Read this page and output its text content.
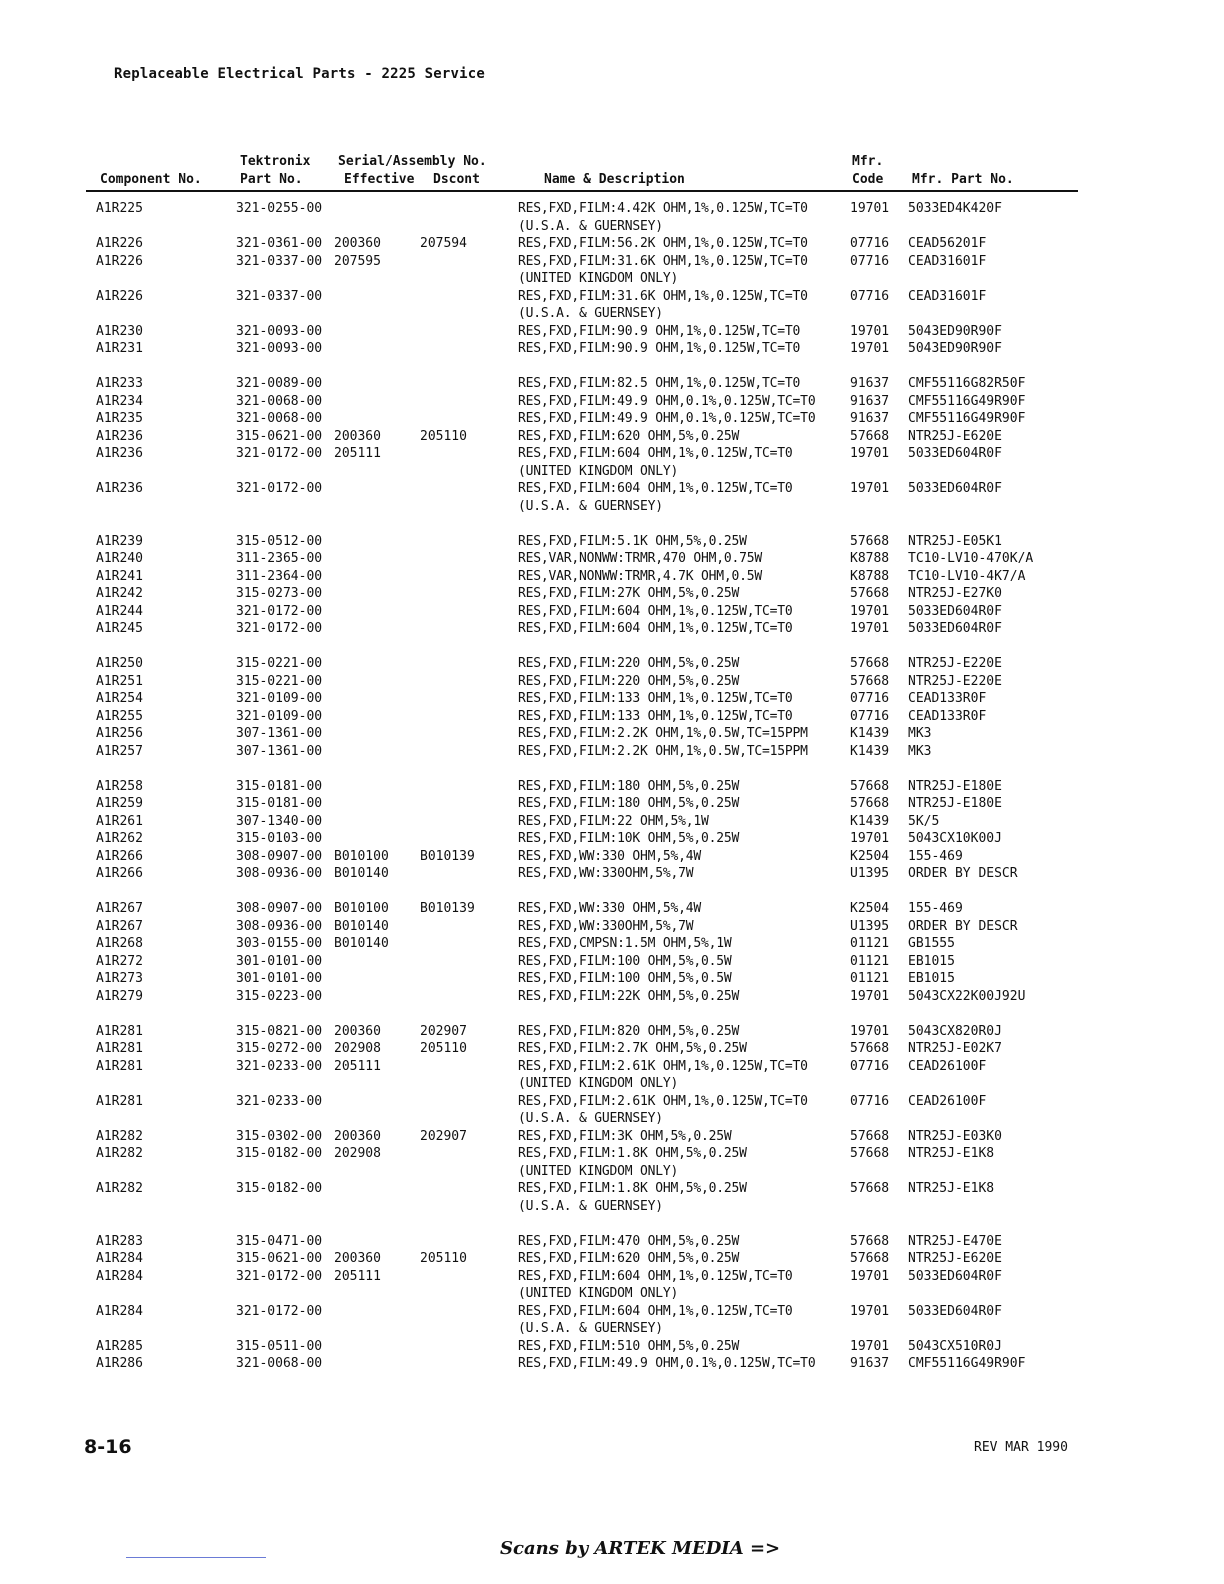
Replaceable Electrical Parts - 2225 Service
Component No.
Tektronix
Part No.
Serial/Assembly No.
Effective Dscont	Name & Description
Mfr.
Code Mfr. Part No.
A1R225	321-0255-00	RES,FXD,FILM:4.42K OHM,1%,0.125W,TC=T0	19701 5033ED4K420F
(U.S.A. & GUERNSEY)
A1R226	321-0361-00 200360	207594	RES,FXD,FILM:56.2K OHM,1%,0.125W,TC=T0	07716 CEAD56201F
A1R226	321-0337-00 207595	RES,FXD,FILM:31.6K OHM,1%,0.125W,TC=T0	07716 CEAD31601F
(UNITED KINGDOM ONLY)
A1R226	321-0337-00	RES,FXD,FILM:31.6K OHM,1%,0.125W,TC=T0	07716 CEAD31601F
(U.S.A. & GUERNSEY)
A1R230	321-0093-00	RES,FXD,FILM:90.9 OHM,1%,0.125W,TC=T0	19701 5043ED90R90F
A1R231	321-0093-00	RES,FXD,FILM:90.9 OHM,1%,0.125W,TC=T0	19701 5043ED90R90F
A1R233	321-0089-00	RES,FXD,FILM:82.5 OHM,1%,0.125W,TC=T0	91637 CMF55116G82R50F
A1R234	321-0068-00	RES,FXD,FILM:49.9 OHM,0.1%,0.125W,TC=T0	91637 CMF55116G49R90F
A1R235	321-0068-00	RES,FXD,FILM:49.9 OHM,0.1%,0.125W,TC=T0	91637 CMF55116G49R90F
A1R236	315-0621-00 200360	205110	RES,FXD,FILM:620 OHM,5%,0.25W	57668 NTR25J-E620E
A1R236	321-0172-00 205111	RES,FXD,FILM:604 OHM,1%,0.125W,TC=T0	19701 5033ED604R0F
(UNITED KINGDOM ONLY)
A1R236	321-0172-00	RES,FXD,FILM:604 OHM,1%,0.125W,TC=T0	19701 5033ED604R0F
(U.S.A. & GUERNSEY)
A1R239	315-0512-00	RES,FXD,FILM:5.1K OHM,5%,0.25W	57668 NTR25J-E05K1
A1R240	311-2365-00	RES,VAR,NONWW:TRMR,470 OHM,0.75W	K8788 TC10-LV10-470K/A
A1R241	311-2364-00	RES,VAR,NONWW:TRMR,4.7K OHM,0.5W	K8788 TC10-LV10-4K7/A
A1R242	315-0273-00	RES,FXD,FILM:27K OHM,5%,0.25W	57668 NTR25J-E27K0
A1R244	321-0172-00	RES,FXD,FILM:604 OHM,1%,0.125W,TC=T0	19701 5033ED604R0F
A1R245	321-0172-00	RES,FXD,FILM:604 OHM,1%,0.125W,TC=T0	19701 5033ED604R0F
A1R250	315-0221-00	RES,FXD,FILM:220 OHM,5%,0.25W	57668 NTR25J-E220E
A1R251	315-0221-00	RES,FXD,FILM:220 OHM,5%,0.25W	57668 NTR25J-E220E
A1R254	321-0109-00	RES,FXD,FILM:133 OHM,1%,0.125W,TC=T0	07716 CEAD133R0F
A1R255	321-0109-00	RES,FXD,FILM:133 OHM,1%,0.125W,TC=T0	07716 CEAD133R0F
A1R256	307-1361-00	RES,FXD,FILM:2.2K OHM,1%,0.5W,TC=15PPM	K1439 MK3
A1R257	307-1361-00	RES,FXD,FILM:2.2K OHM,1%,0.5W,TC=15PPM	K1439 MK3
A1R258	315-0181-00	RES,FXD,FILM:180 OHM,5%,0.25W	57668 NTR25J-E180E
A1R259	315-0181-00	RES,FXD,FILM:180 OHM,5%,0.25W	57668 NTR25J-E180E
A1R261	307-1340-00	RES,FXD,FILM:22 OHM,5%,1W	K1439 5K/5
A1R262	315-0103-00	RES,FXD,FILM:10K OHM,5%,0.25W	19701 5043CX10K00J
A1R266	308-0907-00 B010100 B010139	RES,FXD,WW:330 OHM,5%,4W	K2504 155-469
A1R266	308-0936-00 B010140	RES,FXD,WW:330OHM,5%,7W	U1395 ORDER BY DESCR
A1R267	308-0907-00 B010100 B010139	RES,FXD,WW:330 OHM,5%,4W	K2504 155-469
A1R267	308-0936-00 B010140	RES,FXD,WW:330OHM,5%,7W	U1395 ORDER BY DESCR
A1R268	303-0155-00 B010140	RES,FXD,CMPSN:1.5M OHM,5%,1W	01121 GB1555
A1R272	301-0101-00	RES,FXD,FILM:100 OHM,5%,0.5W	01121 EB1015
A1R273	301-0101-00	RES,FXD,FILM:100 OHM,5%,0.5W	01121 EB1015
A1R279	315-0223-00	RES,FXD,FILM:22K OHM,5%,0.25W	19701 5043CX22K00J92U
A1R281	315-0821-00 200360	202907	RES,FXD,FILM:820 OHM,5%,0.25W	19701 5043CX820R0J
A1R281	315-0272-00 202908	205110	RES,FXD,FILM:2.7K OHM,5%,0.25W	57668 NTR25J-E02K7
A1R281	321-0233-00 205111	RES,FXD,FILM:2.61K OHM,1%,0.125W,TC=T0	07716 CEAD26100F
(UNITED KINGDOM ONLY)
A1R281	321-0233-00	RES,FXD,FILM:2.61K OHM,1%,0.125W,TC=T0	07716 CEAD26100F
(U.S.A. & GUERNSEY)
A1R282	315-0302-00 200360	202907	RES,FXD,FILM:3K OHM,5%,0.25W	57668 NTR25J-E03K0
A1R282	315-0182-00 202908	RES,FXD,FILM:1.8K OHM,5%,0.25W	57668 NTR25J-E1K8
(UNITED KINGDOM ONLY)
A1R282	315-0182-00	RES,FXD,FILM:1.8K OHM,5%,0.25W	57668 NTR25J-E1K8
(U.S.A. & GUERNSEY)
A1R283	315-0471-00	RES,FXD,FILM:470 OHM,5%,0.25W	57668 NTR25J-E470E
A1R284	315-0621-00 200360	205110	RES,FXD,FILM:620 OHM,5%,0.25W	57668 NTR25J-E620E
A1R284	321-0172-00 205111	RES,FXD,FILM:604 OHM,1%,0.125W,TC=T0	19701 5033ED604R0F
(UNITED KINGDOM ONLY)
A1R284	321-0172-00	RES,FXD,FILM:604 OHM,1%,0.125W,TC=T0	19701 5033ED604R0F
(U.S.A. & GUERNSEY)
A1R285	315-0511-00	RES,FXD,FILM:510 OHM,5%,0.25W	19701 5043CX510R0J
A1R286	321-0068-00	RES,FXD,FILM:49.9 OHM,0.1%,0.125W,TC=T0	91637 CMF55116G49R90F
8-16	REV MAR 1990
Scans by ARTEK MEDIA =>
